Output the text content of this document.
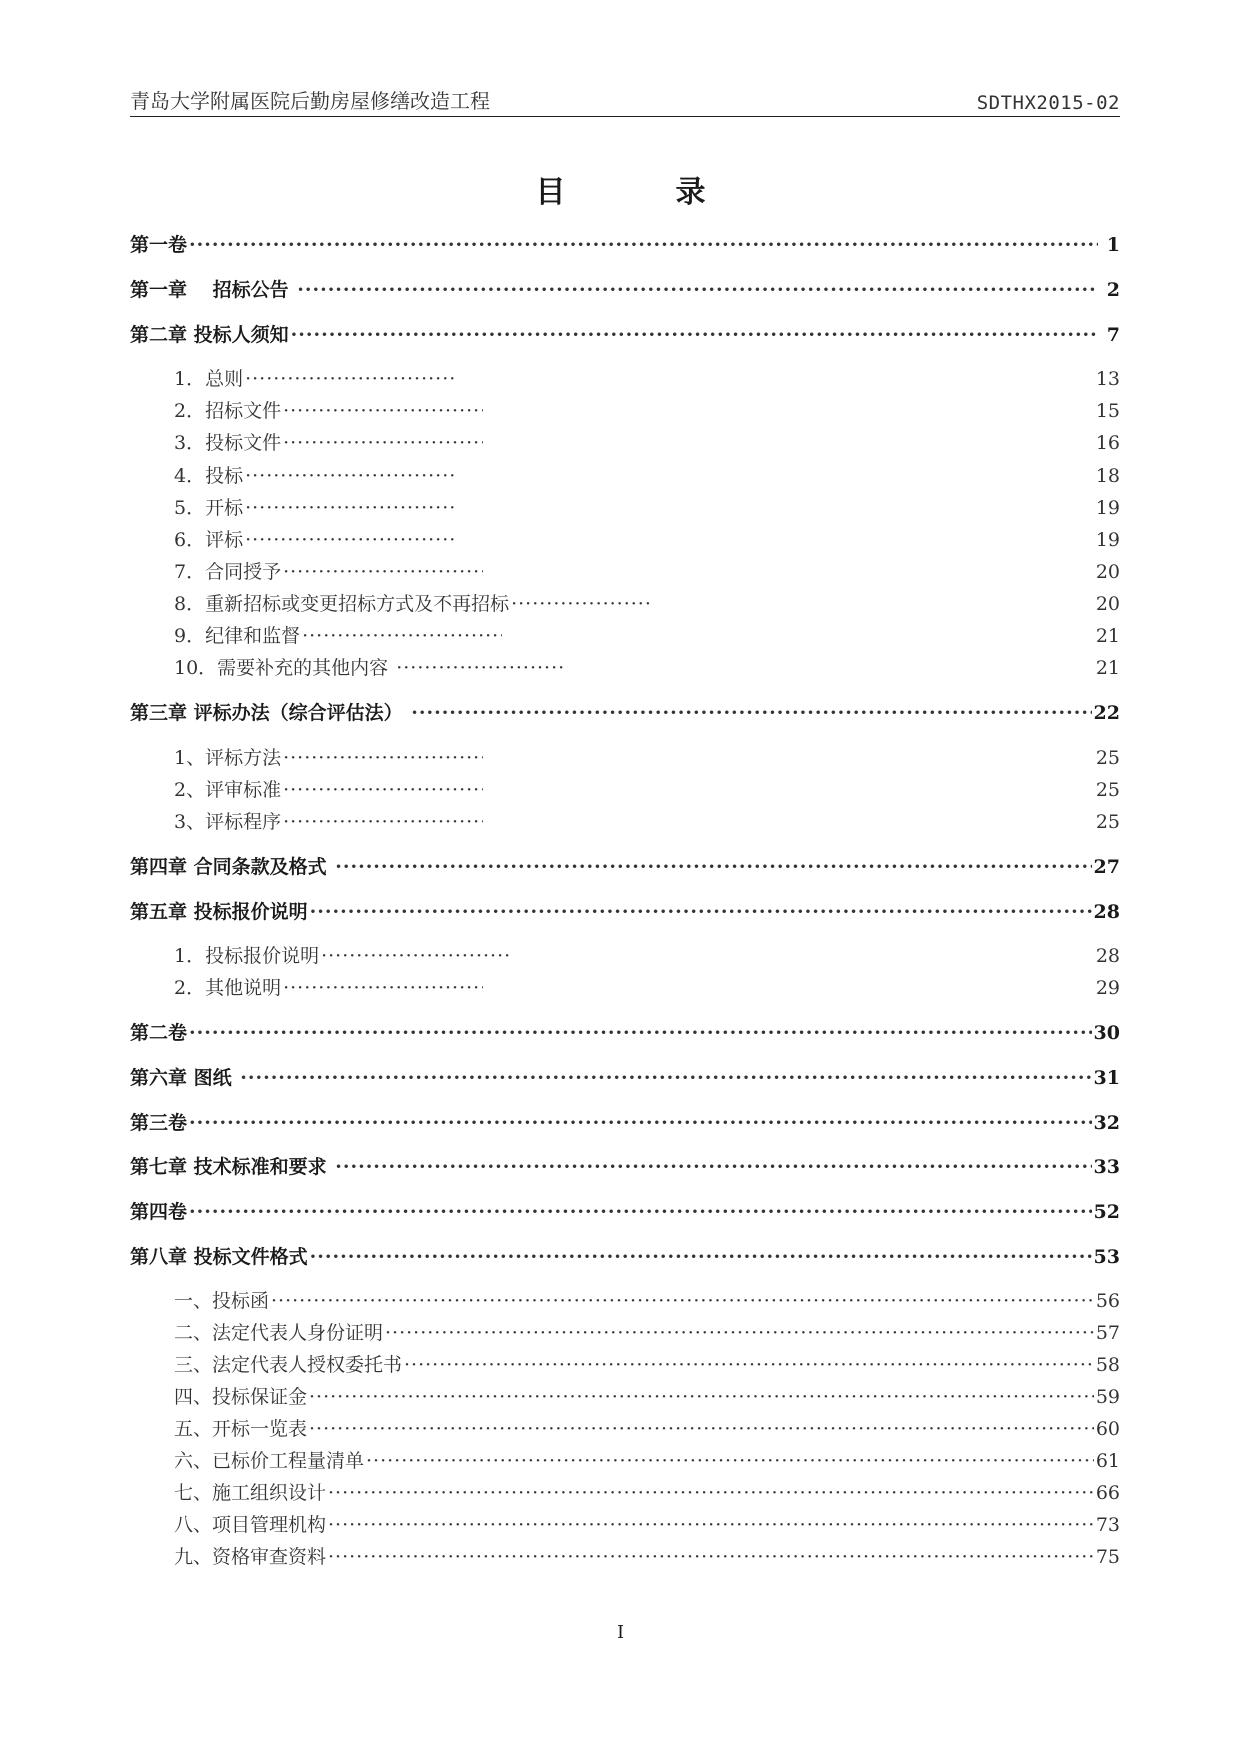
青岛大学附属医院后勤房屋修缮改造工程	SDTHX2015-02
目　录
第一卷 ·····	1
第一章　 招标公告 ·····	2
第二章 投标人须知 ·····	7
1．总则 ·····	13
2．招标文件 ·····	15
3．投标文件 ·····	16
4．投标 ·····	18
5．开标 ·····	19
6．评标 ·····	19
7．合同授予 ·····	20
8．重新招标或变更招标方式及不再招标 ·····	20
9．纪律和监督 ·····	21
10．需要补充的其他内容 ·····	21
第三章 评标办法（综合评估法） ·····	22
1、评标方法 ·····	25
2、评审标准 ·····	25
3、评标程序 ·····	25
第四章 合同条款及格式 ·····	27
第五章 投标报价说明 ·····	28
1．投标报价说明 ·····	28
2．其他说明 ·····	29
第二卷 ·····	30
第六章 图纸 ·····	31
第三卷 ·····	32
第七章 技术标准和要求 ·····	33
第四卷 ·····	52
第八章 投标文件格式 ·····	53
一、投标函 ·····	56
二、法定代表人身份证明 ·····	57
三、法定代表人授权委托书 ·····	58
四、投标保证金 ·····	59
五、开标一览表 ·····	60
六、已标价工程量清单 ·····	61
七、施工组织设计 ·····	66
八、项目管理机构 ·····	73
九、资格审查资料 ·····	75
I
